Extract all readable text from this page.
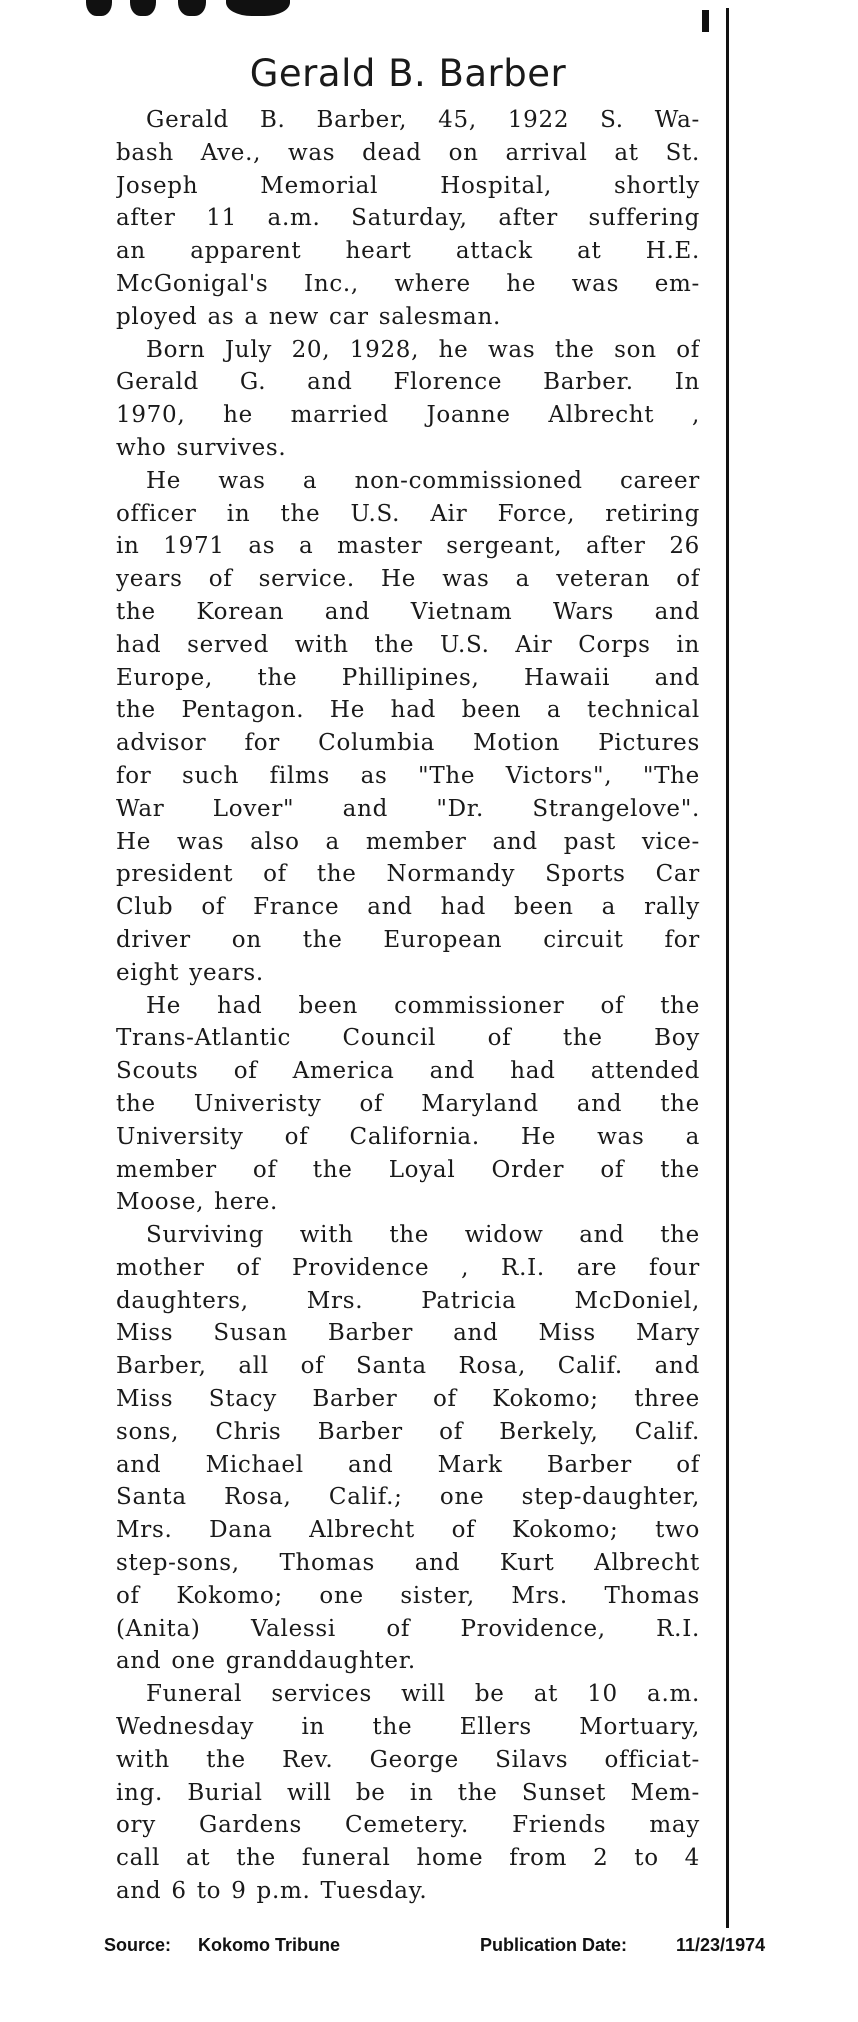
Gerald B. Barber
Gerald B. Barber, 45, 1922 S. Wa-
bash Ave., was dead on arrival at St.
Joseph Memorial Hospital, shortly
after 11 a.m. Saturday, after suffering
an apparent heart attack at H.E.
McGonigal's Inc., where he was em-
ployed as a new car salesman.
Born July 20, 1928, he was the son of
Gerald G. and Florence Barber. In
1970, he married Joanne Albrecht ,
who survives.
He was a non-commissioned career
officer in the U.S. Air Force, retiring
in 1971 as a master sergeant, after 26
years of service. He was a veteran of
the Korean and Vietnam Wars and
had served with the U.S. Air Corps in
Europe, the Phillipines, Hawaii and
the Pentagon. He had been a technical
advisor for Columbia Motion Pictures
for such films as "The Victors", "The
War Lover" and "Dr. Strangelove".
He was also a member and past vice-
president of the Normandy Sports Car
Club of France and had been a rally
driver on the European circuit for
eight years.
He had been commissioner of the
Trans-Atlantic Council of the Boy
Scouts of America and had attended
the Univeristy of Maryland and the
University of California. He was a
member of the Loyal Order of the
Moose, here.
Surviving with the widow and the
mother of Providence , R.I. are four
daughters, Mrs. Patricia McDoniel,
Miss Susan Barber and Miss Mary
Barber, all of Santa Rosa, Calif. and
Miss Stacy Barber of Kokomo; three
sons, Chris Barber of Berkely, Calif.
and Michael and Mark Barber of
Santa Rosa, Calif.; one step-daughter,
Mrs. Dana Albrecht of Kokomo; two
step-sons, Thomas and Kurt Albrecht
of Kokomo; one sister, Mrs. Thomas
(Anita) Valessi of Providence, R.I.
and one granddaughter.
Funeral services will be at 10 a.m.
Wednesday in the Ellers Mortuary,
with the Rev. George Silavs officiat-
ing. Burial will be in the Sunset Mem-
ory Gardens Cemetery. Friends may
call at the funeral home from 2 to 4
and 6 to 9 p.m. Tuesday.
Source: Kokomo Tribune	Publication Date:	11/23/1974
